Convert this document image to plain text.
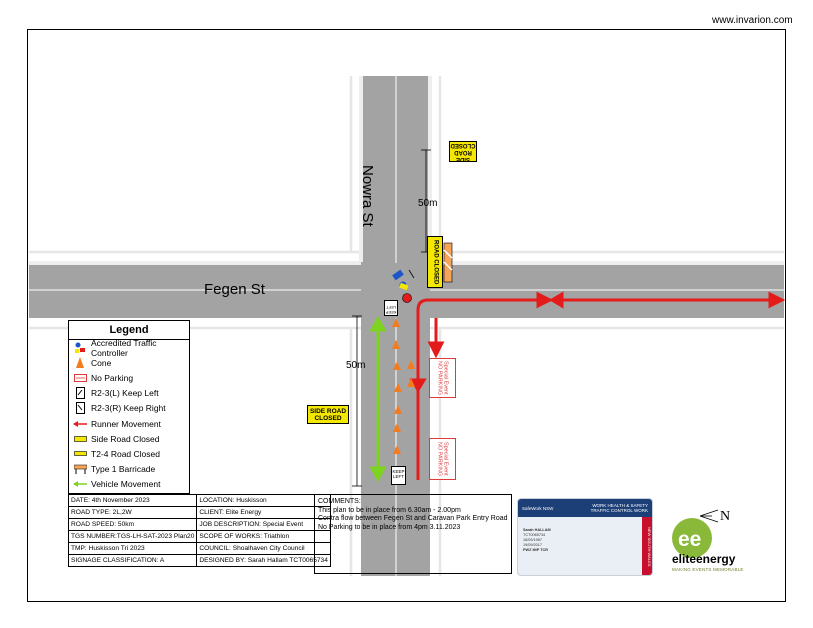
www.invarion.com
N
ee
Fegen St
Nowra St	50m
50m
SIDE ROAD CLOSED
ROAD CLOSED
SIDE ROAD CLOSED
KEEP LEFT
KEEP LEFT
Special Event NO PARKING
Special Event NO PARKING
Legend
Accredited Traffic Controller
Cone
No Parking
R2-3(L) Keep Left
R2-3(R) Keep Right
Runner Movement
Side Road Closed
T2-4 Road Closed
Type 1 Barricade
Vehicle Movement
DATE: 4th November 2023	LOCATION: Huskisson
ROAD TYPE: 2L,2W	CLIENT: Elite Energy
ROAD SPEED: 50km	JOB DESCRIPTION: Special Event
TGS NUMBER:TGS-LH-SAT-2023 Plan20	SCOPE OF WORKS: Triathlon
TMP: Huskisson Tri 2023	COUNCIL: Shoalhaven City Council
SIGNAGE CLASSIFICATION: A	DESIGNED BY: Sarah Hallam TCT0065734
COMMENTS:
This plan to be in place from 6.30am - 2.00pm
Contra flow between Fegen St and Caravan Park Entry Road
No Parking to be in place from 4pm 3.11.2023
SafeWork NSW	WORK HEALTH & SAFETY TRAFFIC CONTROL WORK
Sarah HALLAM
TCT0065734
16/09/1987
19/09/2017
PWZ IMP TCR	NEW SOUTH WALES eliteenergy
MAKING EVENTS MEMORABLE
